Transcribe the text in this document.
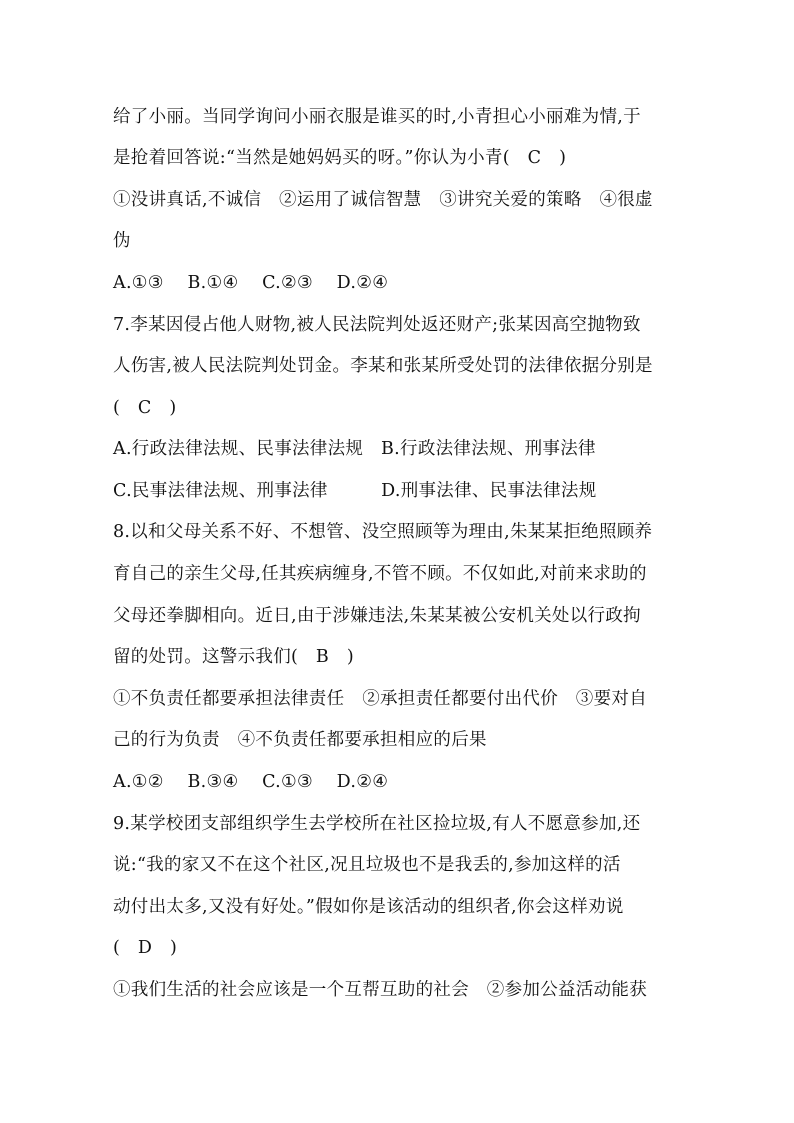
给了小丽。当同学询问小丽衣服是谁买的时,小青担心小丽难为情,于
是抢着回答说:“当然是她妈妈买的呀。”你认为小青(　C　)
①没讲真话,不诚信　②运用了诚信智慧　③讲究关爱的策略　④很虚
伪
A.①③　 B.①④　 C.②③　 D.②④
7.李某因侵占他人财物,被人民法院判处返还财产;张某因高空抛物致
人伤害,被人民法院判处罚金。李某和张某所受处罚的法律依据分别是
(　C　)
A.行政法律法规、民事法律法规　B.行政法律法规、刑事法律
C.民事法律法规、刑事法律　　　D.刑事法律、民事法律法规
8.以和父母关系不好、不想管、没空照顾等为理由,朱某某拒绝照顾养
育自己的亲生父母,任其疾病缠身,不管不顾。不仅如此,对前来求助的
父母还拳脚相向。近日,由于涉嫌违法,朱某某被公安机关处以行政拘
留的处罚。这警示我们(　B　)
①不负责任都要承担法律责任　②承担责任都要付出代价　③要对自
己的行为负责　④不负责任都要承担相应的后果
A.①②　 B.③④　 C.①③　 D.②④
9.某学校团支部组织学生去学校所在社区捡垃圾,有人不愿意参加,还
说:“我的家又不在这个社区,况且垃圾也不是我丢的,参加这样的活
动付出太多,又没有好处。”假如你是该活动的组织者,你会这样劝说
(　D　)
①我们生活的社会应该是一个互帮互助的社会　②参加公益活动能获
